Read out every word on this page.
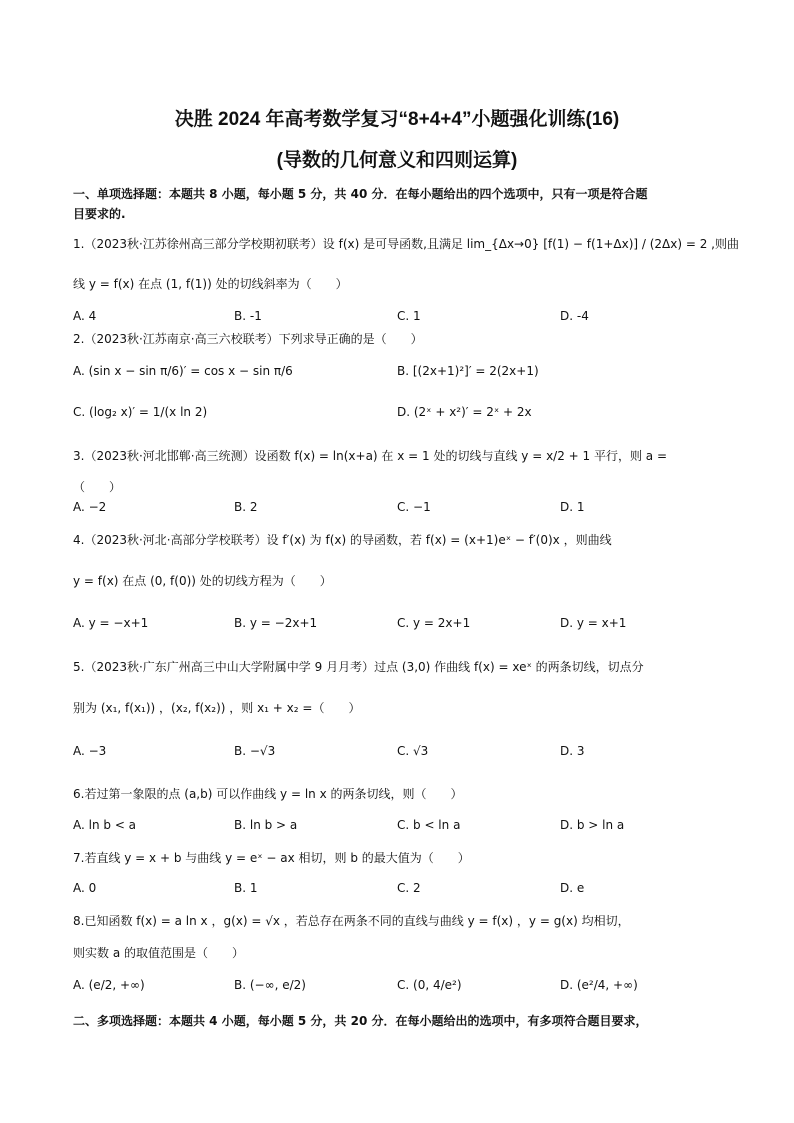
决胜 2024 年高考数学复习“8+4+4”小题强化训练(16)
(导数的几何意义和四则运算)
一、单项选择题：本题共 8 小题，每小题 5 分，共 40 分．在每小题给出的四个选项中，只有一项是符合题
目要求的.
1.（2023秋·江苏徐州高三部分学校期初联考）设 f(x) 是可导函数,且满足 lim_{Δx→0} [f(1) − f(1+Δx)] / (2Δx) = 2 ,则曲
线 y = f(x) 在点 (1, f(1)) 处的切线斜率为（　　）
A. 4	B. -1	C. 1	D. -4
2.（2023秋·江苏南京·高三六校联考）下列求导正确的是（　　）
A. (sin x − sin π/6)′ = cos x − sin π/6	B. [(2x+1)²]′ = 2(2x+1)
C. (log₂ x)′ = 1/(x ln 2)	D. (2ˣ + x²)′ = 2ˣ + 2x
3.（2023秋·河北邯郸·高三统测）设函数 f(x) = ln(x+a) 在 x = 1 处的切线与直线 y = x/2 + 1 平行，则 a =
（　　）
A. −2	B. 2	C. −1	D. 1
4.（2023秋·河北·高部分学校联考）设 f′(x) 为 f(x) 的导函数，若 f(x) = (x+1)eˣ − f′(0)x ，则曲线
y = f(x) 在点 (0, f(0)) 处的切线方程为（　　）
A. y = −x+1	B. y = −2x+1	C. y = 2x+1	D. y = x+1
5.（2023秋·广东广州高三中山大学附属中学 9 月月考）过点 (3,0) 作曲线 f(x) = xeˣ 的两条切线，切点分
别为 (x₁, f(x₁)) ，(x₂, f(x₂)) ，则 x₁ + x₂ =（　　）
A. −3	B. −√3	C. √3	D. 3
6.若过第一象限的点 (a,b) 可以作曲线 y = ln x 的两条切线，则（　　）
A. ln b < a	B. ln b > a	C. b < ln a	D. b > ln a
7.若直线 y = x + b 与曲线 y = eˣ − ax 相切，则 b 的最大值为（　　）
A. 0	B. 1	C. 2	D. e
8.已知函数 f(x) = a ln x ，g(x) = √x ，若总存在两条不同的直线与曲线 y = f(x) ，y = g(x) 均相切，
则实数 a 的取值范围是（　　）
A. (e/2, +∞)	B. (−∞, e/2)	C. (0, 4/e²)	D. (e²/4, +∞)
二、多项选择题：本题共 4 小题，每小题 5 分，共 20 分．在每小题给出的选项中，有多项符合题目要求，
